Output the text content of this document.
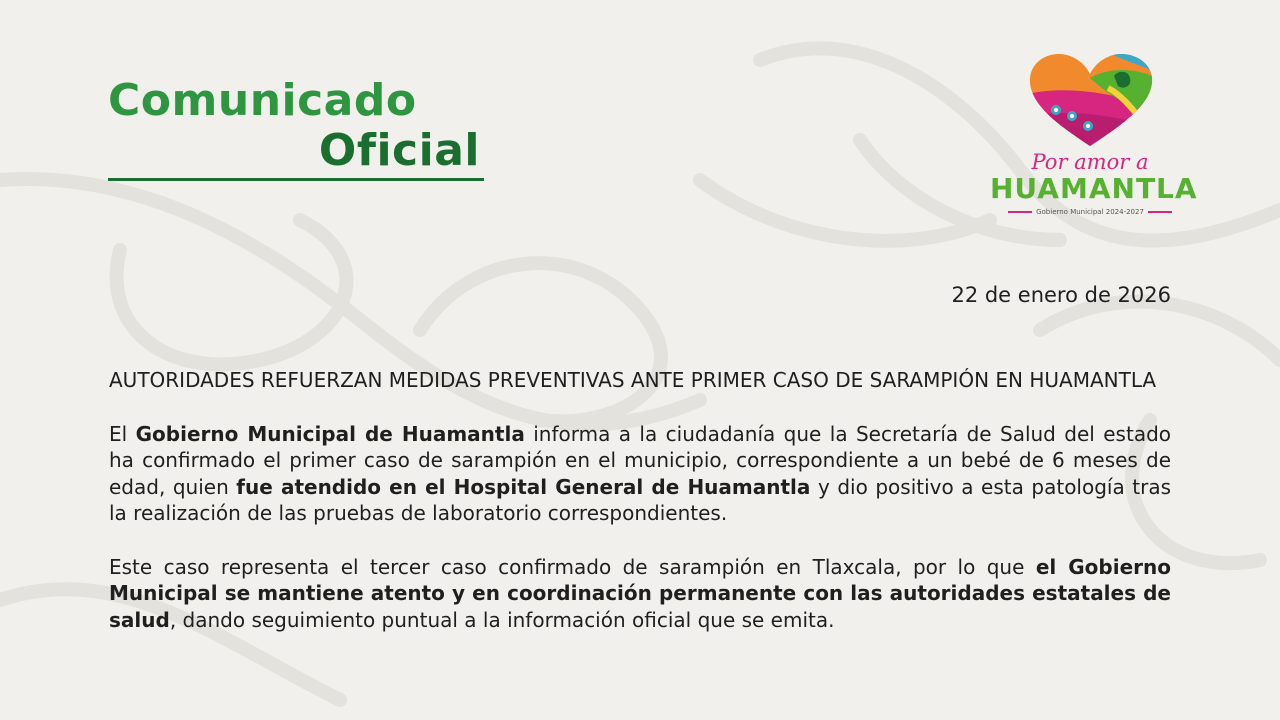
Comunicado
Oficial	Por amor a
HUAMANTLA
Gobierno Municipal 2024-2027
22 de enero de 2026

AUTORIDADES REFUERZAN MEDIDAS PREVENTIVAS ANTE PRIMER CASO DE SARAMPIÓN EN HUAMANTLA

El Gobierno Municipal de Huamantla informa a la ciudadanía que la Secretaría de Salud del estado ha confirmado el primer caso de sarampión en el municipio, correspondiente a un bebé de 6 meses de edad, quien fue atendido en el Hospital General de Huamantla y dio positivo a esta patología tras la realización de las pruebas de laboratorio correspondientes.

Este caso representa el tercer caso confirmado de sarampión en Tlaxcala, por lo que el Gobierno Municipal se mantiene atento y en coordinación permanente con las autoridades estatales de salud, dando seguimiento puntual a la información oficial que se emita.
